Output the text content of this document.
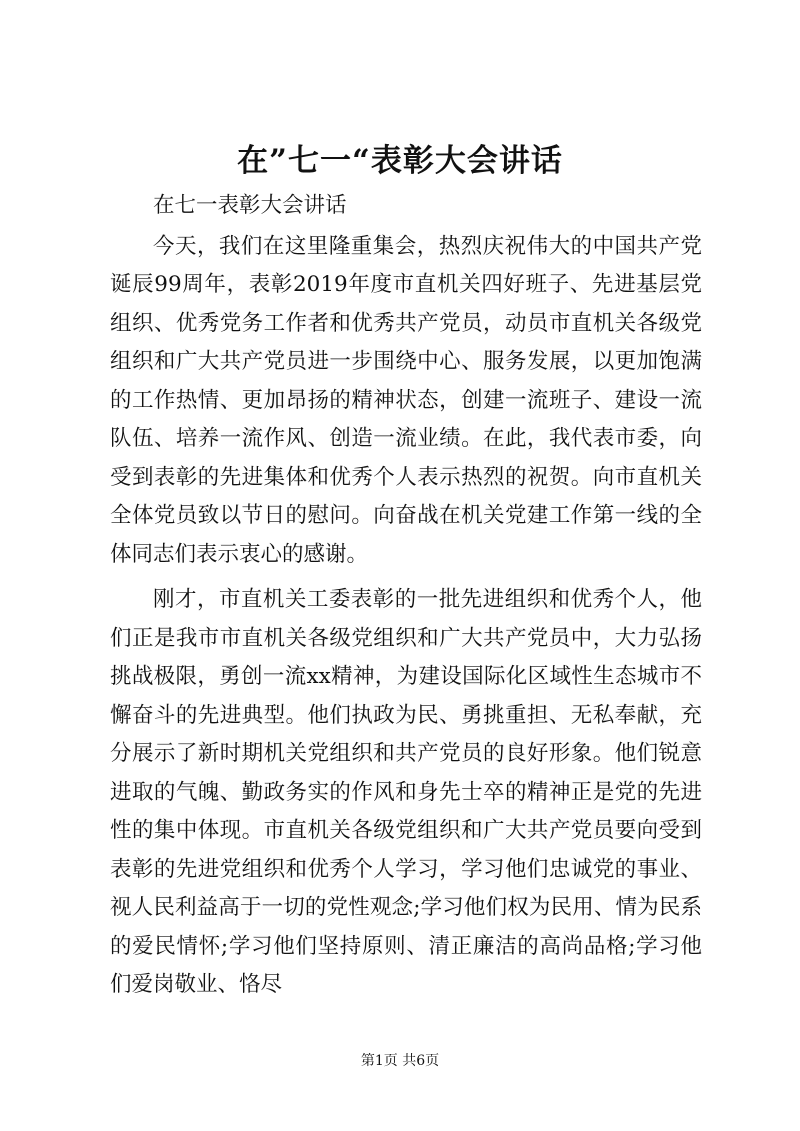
在”七一“表彰大会讲话

在七一表彰大会讲话

今天，我们在这里隆重集会，热烈庆祝伟大的中国共产党诞辰99周年，表彰2019年度市直机关四好班子、先进基层党组织、优秀党务工作者和优秀共产党员，动员市直机关各级党组织和广大共产党员进一步围绕中心、服务发展，以更加饱满的工作热情、更加昂扬的精神状态，创建一流班子、建设一流队伍、培养一流作风、创造一流业绩。在此，我代表市委，向受到表彰的先进集体和优秀个人表示热烈的祝贺。向市直机关全体党员致以节日的慰问。向奋战在机关党建工作第一线的全体同志们表示衷心的感谢。

刚才，市直机关工委表彰的一批先进组织和优秀个人，他们正是我市市直机关各级党组织和广大共产党员中，大力弘扬挑战极限，勇创一流xx精神，为建设国际化区域性生态城市不懈奋斗的先进典型。他们执政为民、勇挑重担、无私奉献，充分展示了新时期机关党组织和共产党员的良好形象。他们锐意进取的气魄、勤政务实的作风和身先士卒的精神正是党的先进性的集中体现。市直机关各级党组织和广大共产党员要向受到表彰的先进党组织和优秀个人学习，学习他们忠诚党的事业、视人民利益高于一切的党性观念;学习他们权为民用、情为民系的爱民情怀;学习他们坚持原则、清正廉洁的高尚品格;学习他们爱岗敬业、恪尽

第1页 共6页
